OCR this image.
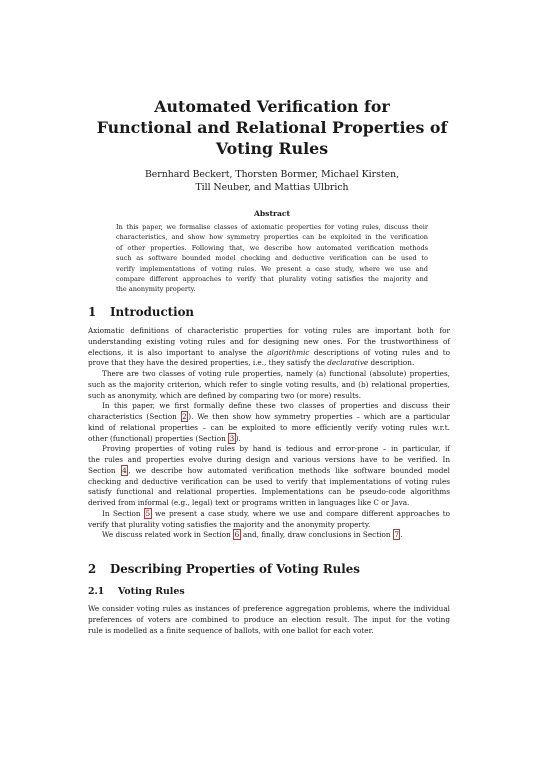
Automated Verification for
Functional and Relational Properties of
Voting Rules
Bernhard Beckert, Thorsten Bormer, Michael Kirsten,
Till Neuber, and Mattias Ulbrich
Abstract
In this paper, we formalise classes of axiomatic properties for voting rules, discuss their
characteristics, and show how symmetry properties can be exploited in the verification
of other properties. Following that, we describe how automated verification methods
such as software bounded model checking and deductive verification can be used to
verify implementations of voting rules. We present a case study, where we use and
compare different approaches to verify that plurality voting satisfies the majority and
the anonymity property.
1 Introduction
Axiomatic definitions of characteristic properties for voting rules are important both for
understanding existing voting rules and for designing new ones. For the trustworthiness of
elections, it is also important to analyse the algorithmic descriptions of voting rules and to
prove that they have the desired properties, i.e., they satisfy the declarative description.
There are two classes of voting rule properties, namely (a) functional (absolute) properties,
such as the majority criterion, which refer to single voting results, and (b) relational properties,
such as anonymity, which are defined by comparing two (or more) results.
In this paper, we first formally define these two classes of properties and discuss their
characteristics (Section 2 ). We then show how symmetry properties – which are a particular
kind of relational properties – can be exploited to more efficiently verify voting rules w.r.t.
other (functional) properties (Section 3 ).
Proving properties of voting rules by hand is tedious and error-prone – in particular, if
the rules and properties evolve during design and various versions have to be verified. In
Section 4 , we describe how automated verification methods like software bounded model
checking and deductive verification can be used to verify that implementations of voting rules
satisfy functional and relational properties. Implementations can be pseudo-code algorithms
derived from informal (e.g., legal) text or programs written in languages like C or Java.
In Section 5 we present a case study, where we use and compare different approaches to
verify that plurality voting satisfies the majority and the anonymity property.
We discuss related work in Section 6 and, finally, draw conclusions in Section 7 .
2 Describing Properties of Voting Rules
2.1 Voting Rules
We consider voting rules as instances of preference aggregation problems, where the individual
preferences of voters are combined to produce an election result. The input for the voting
rule is modelled as a finite sequence of ballots, with one ballot for each voter.
